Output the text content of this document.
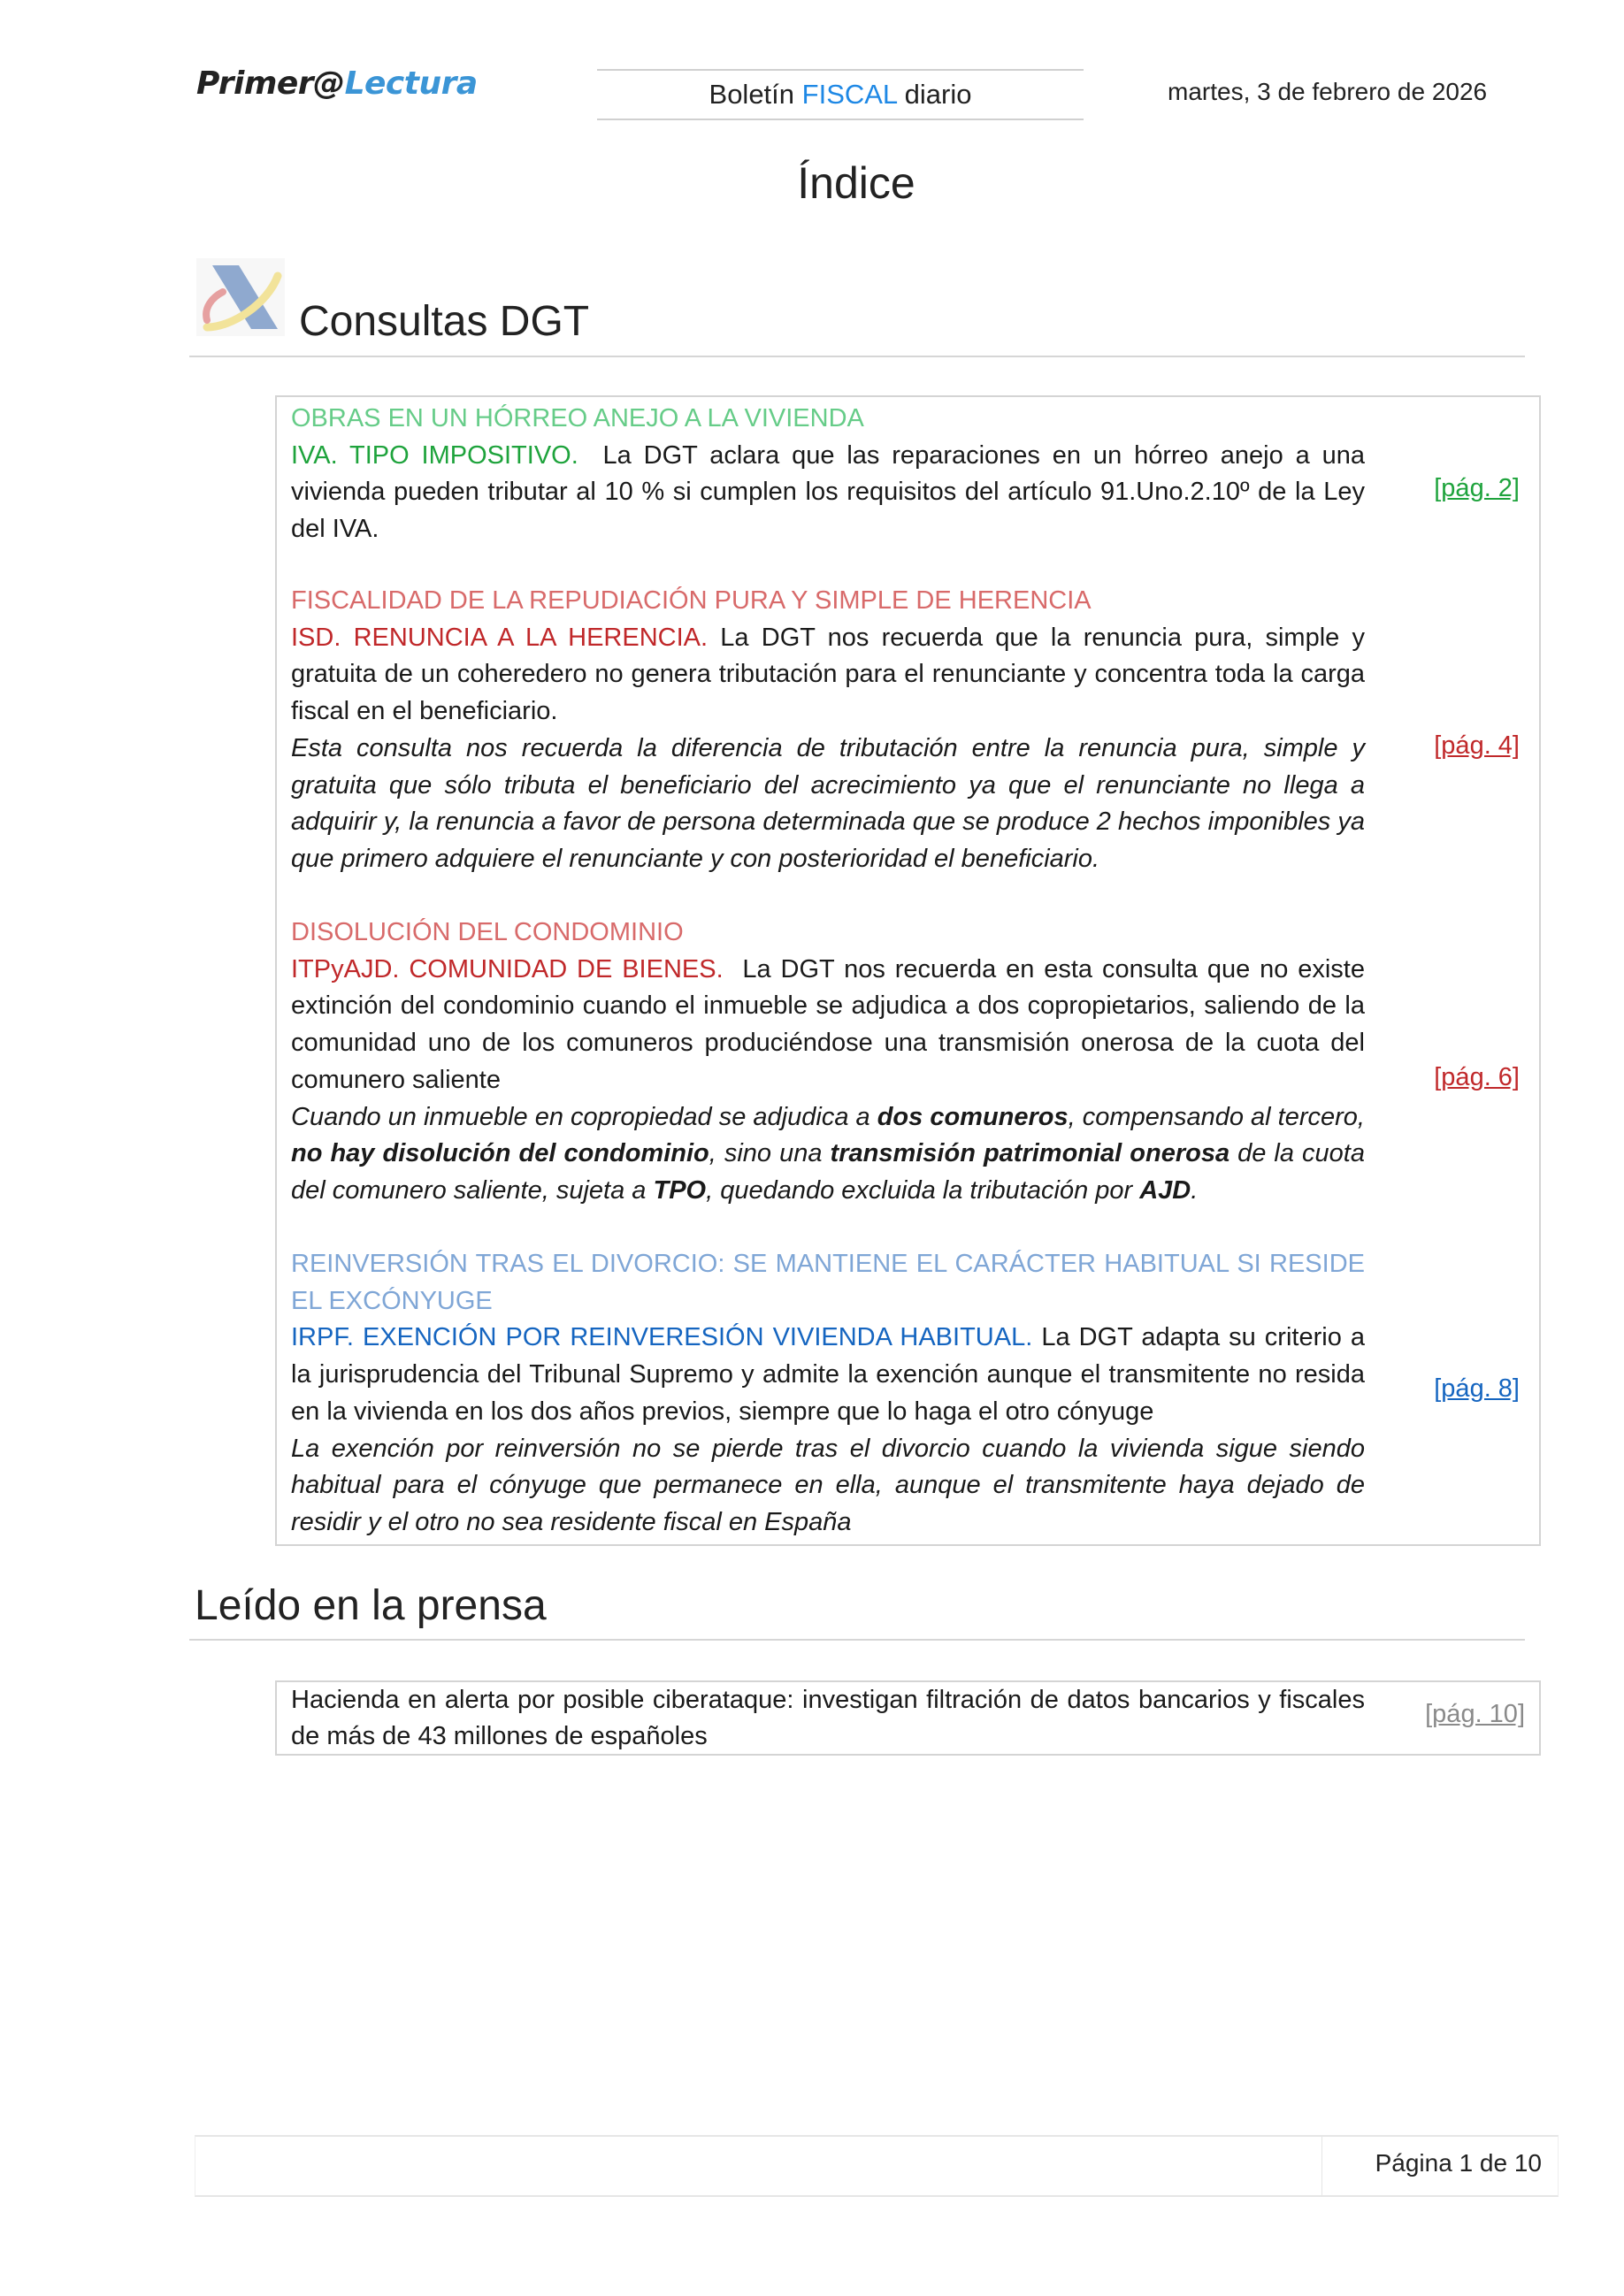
Primer@Lectura	Boletín FISCAL diario	martes, 3 de febrero de 2026
Índice
Consultas DGT
OBRAS EN UN HÓRREO ANEJO A LA VIVIENDA
IVA. TIPO IMPOSITIVO. La DGT aclara que las reparaciones en un hórreo anejo a una vivienda pueden tributar al 10 % si cumplen los requisitos del artículo 91.Uno.2.10º de la Ley del IVA.
[pág. 2]
FISCALIDAD DE LA REPUDIACIÓN PURA Y SIMPLE DE HERENCIA
ISD. RENUNCIA A LA HERENCIA. La DGT nos recuerda que la renuncia pura, simple y gratuita de un coheredero no genera tributación para el renunciante y concentra toda la carga fiscal en el beneficiario.
Esta consulta nos recuerda la diferencia de tributación entre la renuncia pura, simple y gratuita que sólo tributa el beneficiario del acrecimiento ya que el renunciante no llega a adquirir y, la renuncia a favor de persona determinada que se produce 2 hechos imponibles ya que primero adquiere el renunciante y con posterioridad el beneficiario.
[pág. 4]
DISOLUCIÓN DEL CONDOMINIO
ITPyAJD. COMUNIDAD DE BIENES. La DGT nos recuerda en esta consulta que no existe extinción del condominio cuando el inmueble se adjudica a dos copropietarios, saliendo de la comunidad uno de los comuneros produciéndose una transmisión onerosa de la cuota del comunero saliente
Cuando un inmueble en copropiedad se adjudica a dos comuneros, compensando al tercero, no hay disolución del condominio, sino una transmisión patrimonial onerosa de la cuota del comunero saliente, sujeta a TPO, quedando excluida la tributación por AJD.
[pág. 6]
REINVERSIÓN TRAS EL DIVORCIO: SE MANTIENE EL CARÁCTER HABITUAL SI RESIDE EL EXCÓNYUGE
IRPF. EXENCIÓN POR REINVERESIÓN VIVIENDA HABITUAL. La DGT adapta su criterio a la jurisprudencia del Tribunal Supremo y admite la exención aunque el transmitente no resida en la vivienda en los dos años previos, siempre que lo haga el otro cónyuge
La exención por reinversión no se pierde tras el divorcio cuando la vivienda sigue siendo habitual para el cónyuge que permanece en ella, aunque el transmitente haya dejado de residir y el otro no sea residente fiscal en España
[pág. 8]
Leído en la prensa
Hacienda en alerta por posible ciberataque: investigan filtración de datos bancarios y fiscales de más de 43 millones de españoles
[pág. 10]
Página 1 de 10
